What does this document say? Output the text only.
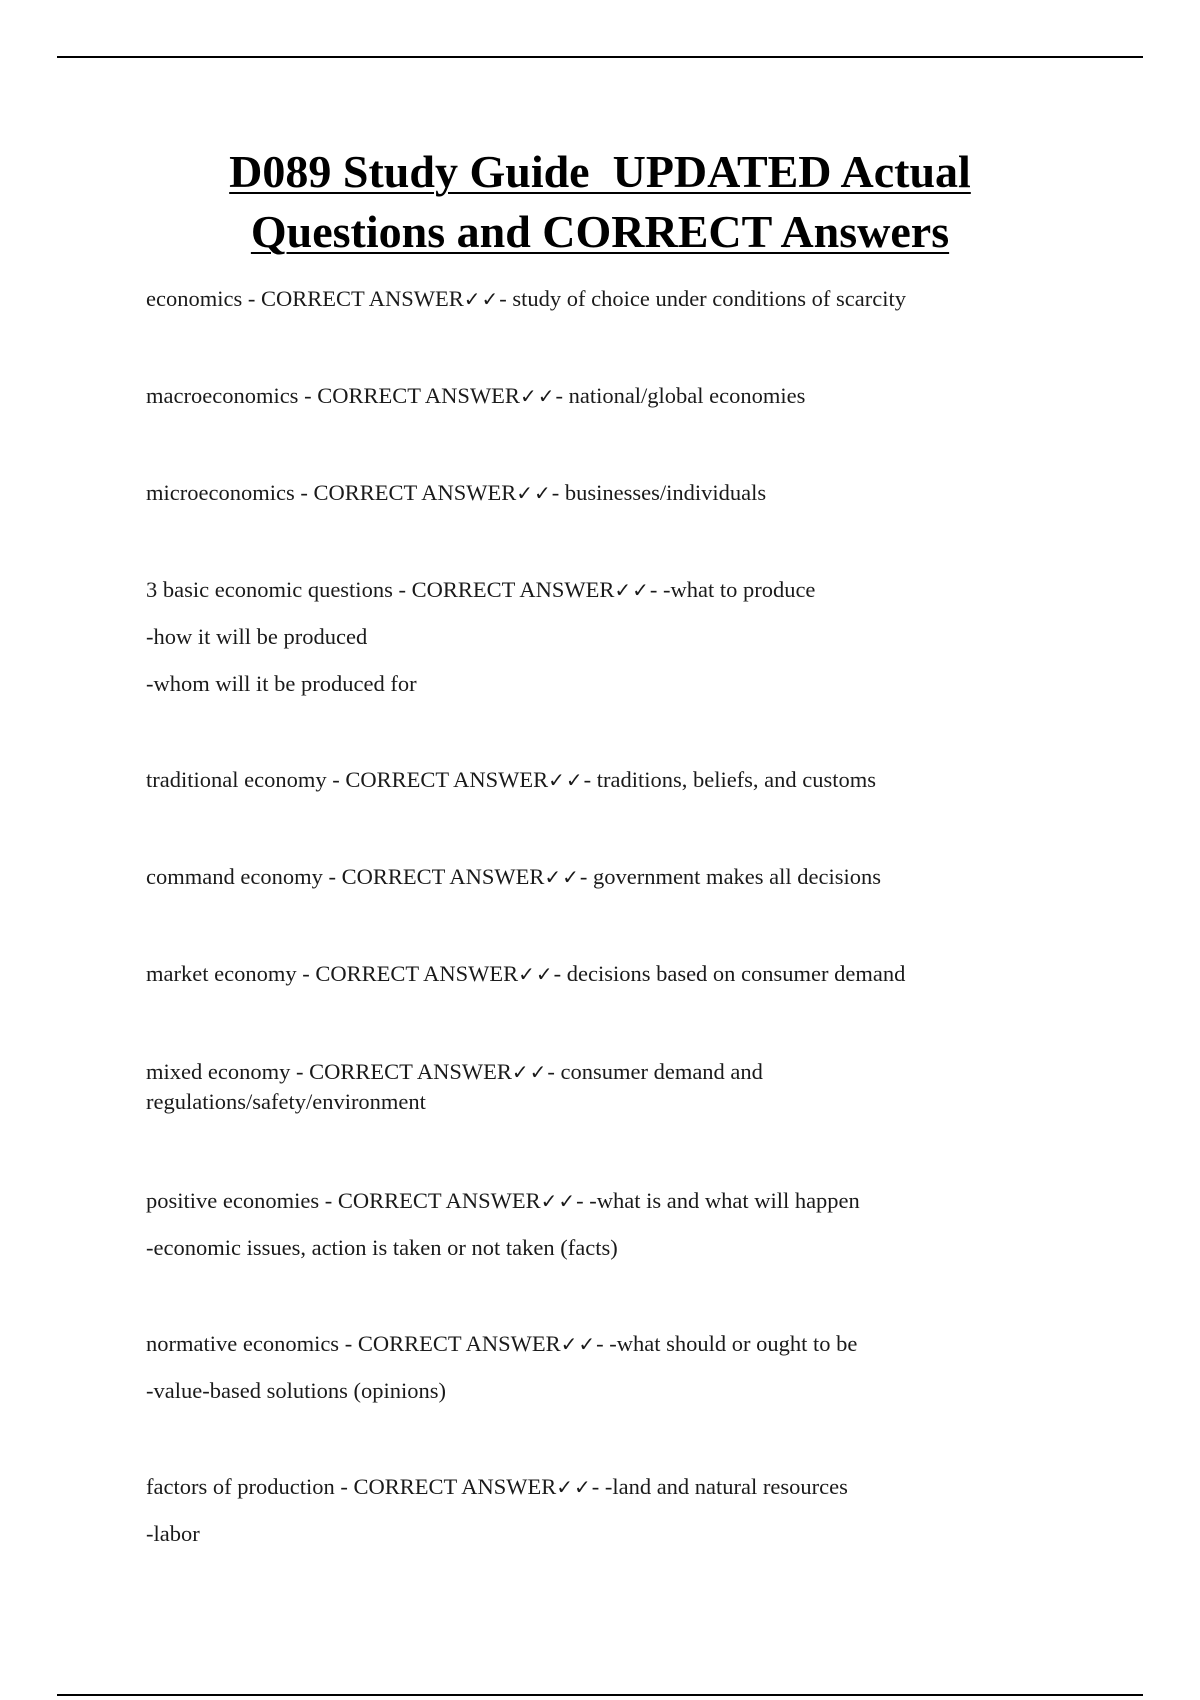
D089 Study Guide  UPDATED Actual
Questions and CORRECT Answers
economics - CORRECT ANSWER✓✓- study of choice under conditions of scarcity
macroeconomics - CORRECT ANSWER✓✓- national/global economies
microeconomics - CORRECT ANSWER✓✓- businesses/individuals
3 basic economic questions - CORRECT ANSWER✓✓- -what to produce
-how it will be produced
-whom will it be produced for
traditional economy - CORRECT ANSWER✓✓- traditions, beliefs, and customs
command economy - CORRECT ANSWER✓✓- government makes all decisions
market economy - CORRECT ANSWER✓✓- decisions based on consumer demand
mixed economy - CORRECT ANSWER✓✓- consumer demand and
regulations/safety/environment
positive economies - CORRECT ANSWER✓✓- -what is and what will happen
-economic issues, action is taken or not taken (facts)
normative economics - CORRECT ANSWER✓✓- -what should or ought to be
-value-based solutions (opinions)
factors of production - CORRECT ANSWER✓✓- -land and natural resources
-labor
